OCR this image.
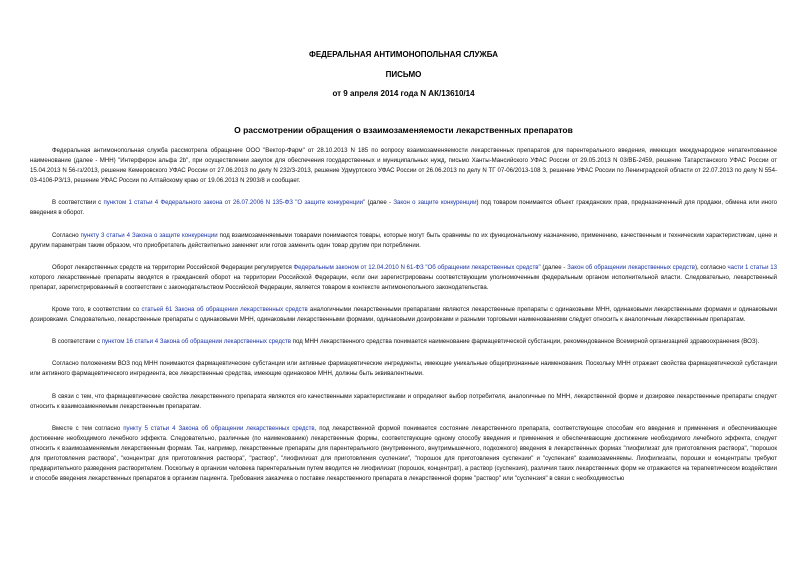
ФЕДЕРАЛЬНАЯ АНТИМОНОПОЛЬНАЯ СЛУЖБА
ПИСЬМО
от 9 апреля 2014 года N АК/13610/14
О рассмотрении обращения о взаимозаменяемости лекарственных препаратов

Федеральная антимонопольная служба рассмотрела обращение ООО "Вектор-Фарм" от 28.10.2013 N 185 по вопросу взаимозаменяемости лекарственных препаратов для парентерального введения, имеющих международное непатентованное наименование (далее - МНН) "Интерферон альфа 2b", при осуществлении закупок для обеспечения государственных и муниципальных нужд, письмо Ханты-Мансийского УФАС России от 29.05.2013 N 03/ВБ-2459, решение Татарстанского УФАС России от 15.04.2013 N 56-гз/2013, решение Кемеровского УФАС России от 27.06.2013 по делу N 232/З-2013, решение Удмуртского УФАС России от 26.06.2013 по делу N ТГ 07-06/2013-108 З, решение УФАС России по Ленинградской области от 22.07.2013 по делу N 554-03-4106-РЗ/13, решение УФАС России по Алтайскому краю от 19.06.2013 N 2903/8 и сообщает.

В соответствии с пунктом 1 статьи 4 Федерального закона от 26.07.2006 N 135-ФЗ "О защите конкуренции" (далее - Закон о защите конкуренции) под товаром понимается объект гражданских прав, предназначенный для продажи, обмена или иного введения в оборот.

Согласно пункту 3 статьи 4 Закона о защите конкуренции под взаимозаменяемыми товарами понимаются товары, которые могут быть сравнимы по их функциональному назначению, применению, качественным и техническим характеристикам, цене и другим параметрам таким образом, что приобретатель действительно заменяет или готов заменить один товар другим при потреблении.

Оборот лекарственных средств на территории Российской Федерации регулируется Федеральным законом от 12.04.2010 N 61-ФЗ "Об обращении лекарственных средств" (далее - Закон об обращении лекарственных средств), согласно части 1 статьи 13 которого лекарственные препараты вводятся в гражданский оборот на территории Российской Федерации, если они зарегистрированы соответствующим уполномоченным федеральным органом исполнительной власти. Следовательно, лекарственный препарат, зарегистрированный в соответствии с законодательством Российской Федерации, является товаром в контексте антимонопольного законодательства.

Кроме того, в соответствии со статьей 61 Закона об обращении лекарственных средств аналогичными лекарственными препаратами являются лекарственные препараты с одинаковыми МНН, одинаковыми лекарственными формами и одинаковыми дозировками. Следовательно, лекарственные препараты с одинаковыми МНН, одинаковыми лекарственными формами, одинаковыми дозировками и разными торговыми наименованиями следует относить к аналогичным лекарственным препаратам.

В соответствии с пунктом 16 статьи 4 Закона об обращении лекарственных средств под МНН лекарственного средства понимается наименование фармацевтической субстанции, рекомендованное Всемирной организацией здравоохранения (ВОЗ).

Согласно положениям ВОЗ под МНН понимаются фармацевтические субстанции или активные фармацевтические ингредиенты, имеющие уникальные общепризнанные наименования. Поскольку МНН отражает свойства фармацевтической субстанции или активного фармацевтического ингредиента, все лекарственные средства, имеющие одинаковое МНН, должны быть эквивалентными.

В связи с тем, что фармацевтические свойства лекарственного препарата являются его качественными характеристиками и определяют выбор потребителя, аналогичные по МНН, лекарственной форме и дозировке лекарственные препараты следует относить к взаимозаменяемым лекарственным препаратам.

Вместе с тем согласно пункту 5 статьи 4 Закона об обращении лекарственных средств, под лекарственной формой понимается состояние лекарственного препарата, соответствующее способам его введения и применения и обеспечивающее достижение необходимого лечебного эффекта. Следовательно, различные (по наименованию) лекарственные формы, соответствующие одному способу введения и применения и обеспечивающие достижение необходимого лечебного эффекта, следует относить к взаимозаменяемым лекарственным формам. Так, например, лекарственные препараты для парентерального (внутривенного, внутримышечного, подкожного) введения в лекарственных формах "лиофилизат для приготовления раствора", "порошок для приготовления раствора", "концентрат для приготовления раствора", "раствор", "лиофилизат для приготовления суспензии", "порошок для приготовления суспензии" и "суспензия" взаимозаменяемы. Лиофилизаты, порошки и концентраты требуют предварительного разведения растворителем. Поскольку в организм человека парентеральным путем вводится не лиофилизат (порошок, концентрат), а раствор (суспензия), различия таких лекарственных форм не отражаются на терапевтическом воздействии и способе введения лекарственных препаратов в организм пациента. Требования заказчика о поставке лекарственного препарата в лекарственной форме "раствор" или "суспензия" в связи с необходимостью
